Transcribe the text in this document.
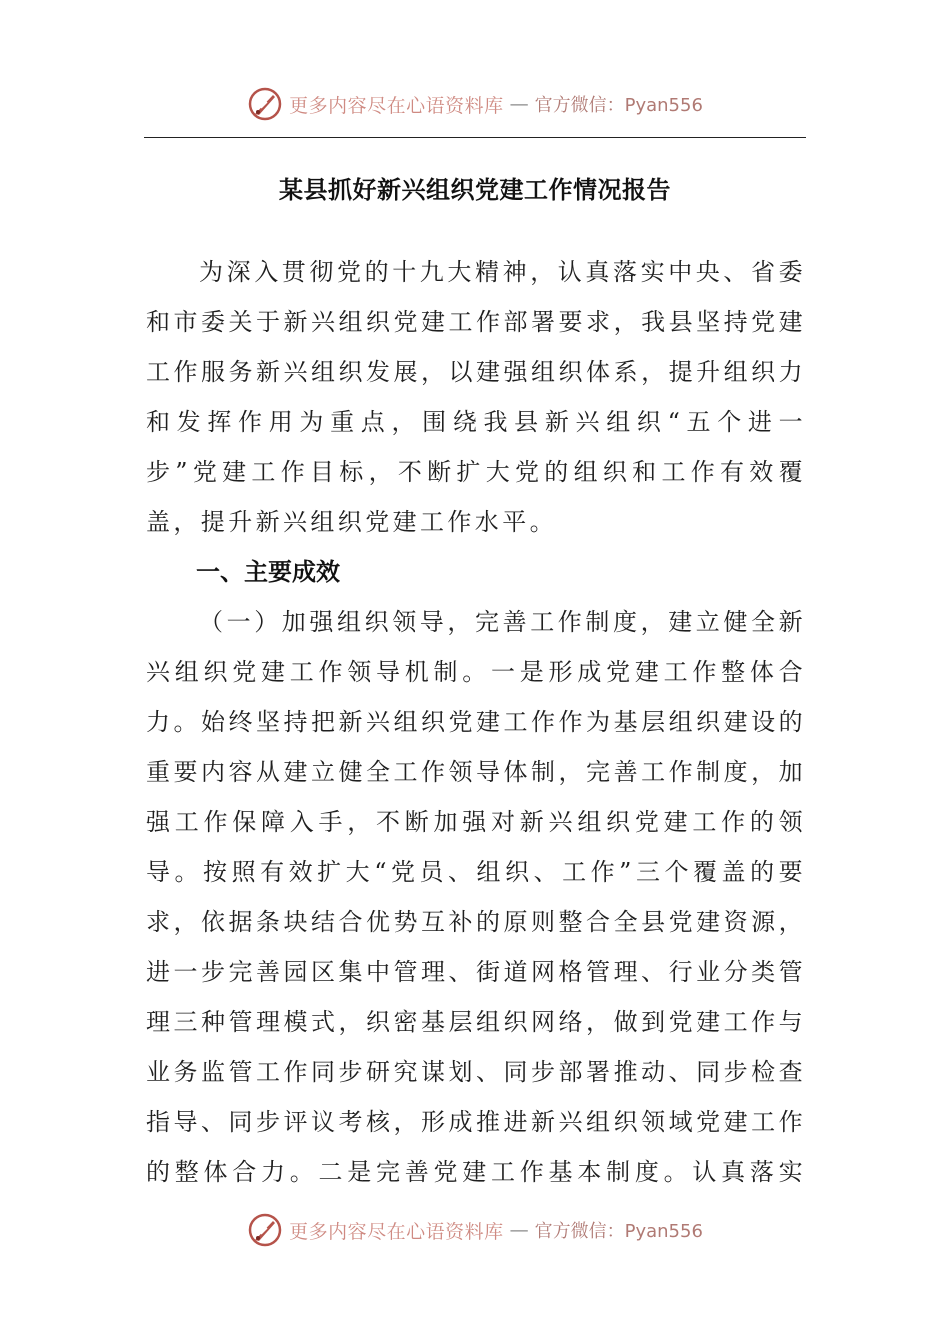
更多内容尽在心语资料库 — 官方微信：Pyan556
某县抓好新兴组织党建工作情况报告

为深入贯彻党的十九大精神，认真落实中央、省委和市委关于新兴组织党建工作部署要求，我县坚持党建工作服务新兴组织发展，以建强组织体系，提升组织力和发挥作用为重点，围绕我县新兴组织“五个进一步”党建工作目标，不断扩大党的组织和工作有效覆盖，提升新兴组织党建工作水平。

一、主要成效

（一）加强组织领导，完善工作制度，建立健全新兴组织党建工作领导机制。一是形成党建工作整体合力。始终坚持把新兴组织党建工作作为基层组织建设的重要内容从建立健全工作领导体制，完善工作制度，加强工作保障入手，不断加强对新兴组织党建工作的领导。按照有效扩大“党员、组织、工作”三个覆盖的要求，依据条块结合优势互补的原则整合全县党建资源，进一步完善园区集中管理、街道网格管理、行业分类管理三种管理模式，织密基层组织网络，做到党建工作与业务监管工作同步研究谋划、同步部署推动、同步检查指导、同步评议考核，形成推进新兴组织领域党建工作的整体合力。二是完善党建工作基本制度。认真落实

更多内容尽在心语资料库 — 官方微信：Pyan556
